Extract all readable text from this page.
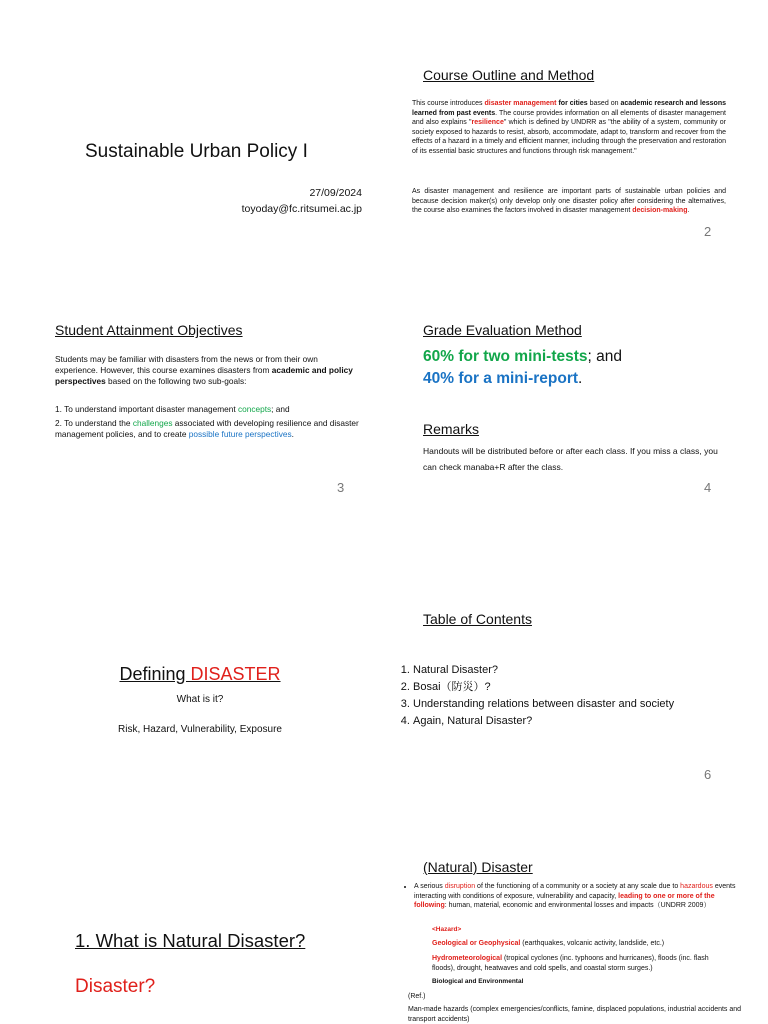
Sustainable Urban Policy I
27/09/2024
toyoday@fc.ritsumei.ac.jp
Course Outline and Method
This course introduces disaster management for cities based on academic research and lessons learned from past events. The course provides information on all elements of disaster management and also explains "resilience" which is defined by UNDRR as "the ability of a system, community or society exposed to hazards to resist, absorb, accommodate, adapt to, transform and recover from the effects of a hazard in a timely and efficient manner, including through the preservation and restoration of its essential basic structures and functions through risk management."
As disaster management and resilience are important parts of sustainable urban policies and because decision maker(s) only develop only one disaster policy after considering the alternatives, the course also examines the factors involved in disaster management decision-making.
2
Student Attainment Objectives
Students may be familiar with disasters from the news or from their own experience. However, this course examines disasters from academic and policy perspectives based on the following two sub-goals:
1. To understand important disaster management concepts; and
2. To understand the challenges associated with developing resilience and disaster management policies, and to create possible future perspectives.
3
Grade Evaluation Method
60% for two mini-tests; and
40% for a mini-report.
Remarks
Handouts will be distributed before or after each class. If you miss a class, you can check manaba+R after the class.
4
Defining DISASTER
What is it?
Risk, Hazard, Vulnerability, Exposure
Table of Contents
1. Natural Disaster?
2. Bosai（防災）?
3. Understanding relations between disaster and society
4. Again, Natural Disaster?
6
1. What is Natural Disaster?
Disaster?
(Natural) Disaster
• A serious disruption of the functioning of a community or a society at any scale due to hazardous events interacting with conditions of exposure, vulnerability and capacity, leading to one or more of the following: human, material, economic and environmental losses and impacts（UNDRR 2009）
<Hazard>
Geological or Geophysical (earthquakes, volcanic activity, landslide, etc.)
Hydrometeorological (tropical cyclones (inc. typhoons and hurricanes), floods (inc. flash floods), drought, heatwaves and cold spells, and coastal storm surges.)
Biological and Environmental
(Ref.)
Man-made hazards (complex emergencies/conflicts, famine, displaced populations, industrial accidents and transport accidents)
